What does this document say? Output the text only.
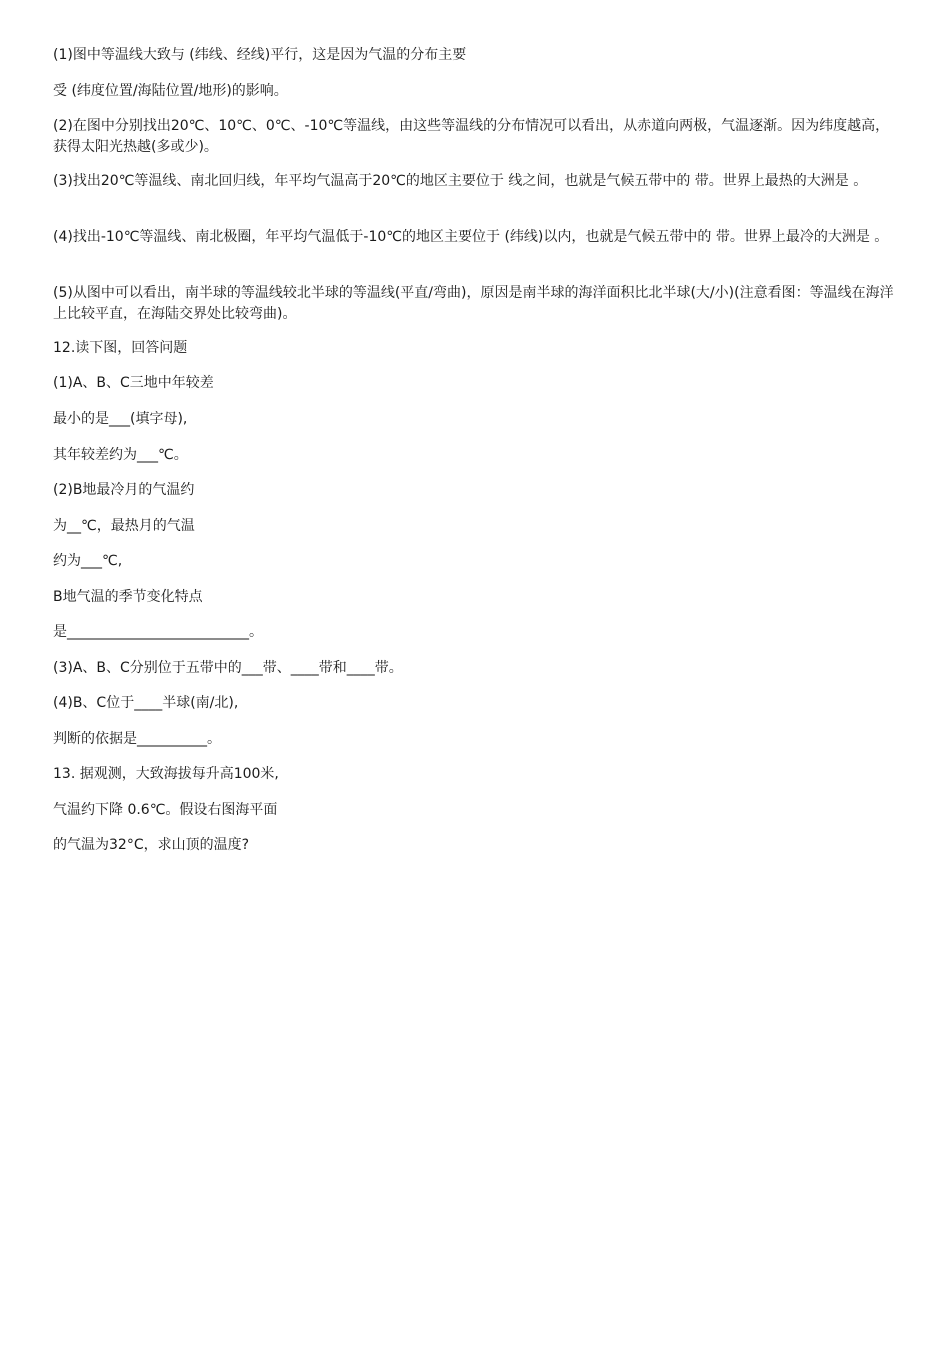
(1)图中等温线大致与 (纬线、经线)平行，这是因为气温的分布主要
受 (纬度位置/海陆位置/地形)的影响。
(2)在图中分别找出20℃、10℃、0℃、-10℃等温线，由这些等温线的分布情况可以看出，从赤道向两极，气温逐渐。因为纬度越高，获得太阳光热越(多或少)。
(3)找出20℃等温线、南北回归线，年平均气温高于20℃的地区主要位于 线之间，也就是气候五带中的 带。世界上最热的大洲是 。
(4)找出-10℃等温线、南北极圈，年平均气温低于-10℃的地区主要位于 (纬线)以内，也就是气候五带中的 带。世界上最冷的大洲是 。
(5)从图中可以看出，南半球的等温线较北半球的等温线(平直/弯曲)，原因是南半球的海洋面积比北半球(大/小)(注意看图：等温线在海洋上比较平直，在海陆交界处比较弯曲)。
12.读下图，回答问题
(1)A、B、C三地中年较差
最小的是___(填字母),
其年较差约为___℃。
(2)B地最冷月的气温约
为__℃，最热月的气温
约为___℃,
B地气温的季节变化特点
是__________________________。
(3)A、B、C分别位于五带中的___带、____带和____带。
(4)B、C位于____半球(南/北),
判断的依据是__________。
13. 据观测，大致海拔每升高100米,
气温约下降 0.6℃。假设右图海平面
的气温为32°C，求山顶的温度?
